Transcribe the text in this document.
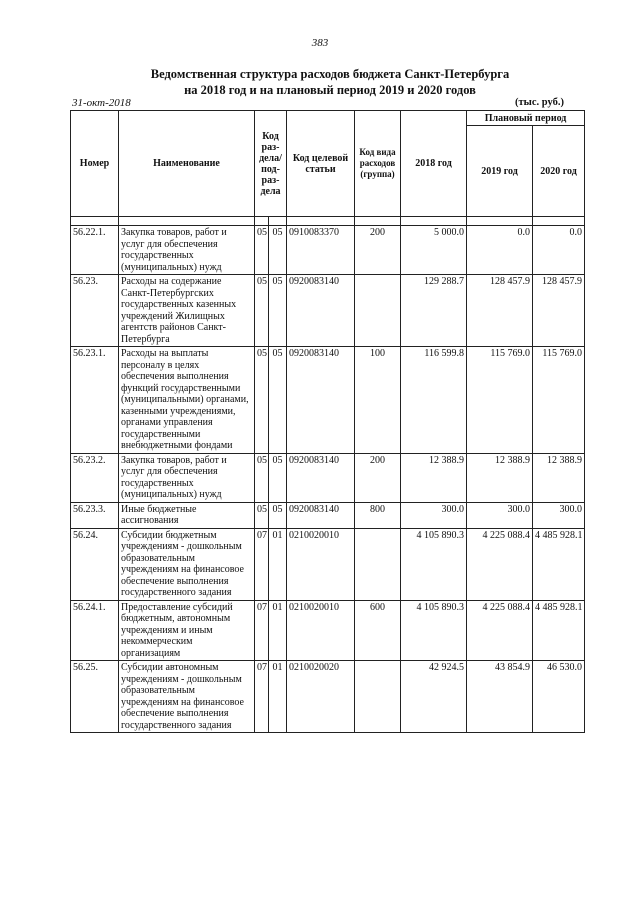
383
Ведомственная структура расходов бюджета Санкт-Петербурга
на 2018 год и на плановый период 2019 и 2020 годов
31-окт-2018	(тыс. руб.)
Номер	Наименование	Код раз-дела/ под-раз-дела		Код целевой статьи	Код вида расходов (группа)	2018 год	Плановый период	
							2019 год	2020 год

56.22.1.	Закупка товаров, работ и услуг для обеспечения государственных (муниципальных) нужд	05	05	0910083370	200	5 000.0	0.0	0.0
56.23.	Расходы на содержание Санкт-Петербургских государственных казенных учреждений Жилищных агентств районов Санкт-Петербурга	05	05	0920083140		129 288.7	128 457.9	128 457.9
56.23.1.	Расходы на выплаты персоналу в целях обеспечения выполнения функций государственными (муниципальными) органами, казенными учреждениями, органами управления государственными внебюджетными фондами	05	05	0920083140	100	116 599.8	115 769.0	115 769.0
56.23.2.	Закупка товаров, работ и услуг для обеспечения государственных (муниципальных) нужд	05	05	0920083140	200	12 388.9	12 388.9	12 388.9
56.23.3.	Иные бюджетные ассигнования	05	05	0920083140	800	300.0	300.0	300.0
56.24.	Субсидии бюджетным учреждениям - дошкольным образовательным учреждениям на финансовое обеспечение выполнения государственного задания	07	01	0210020010		4 105 890.3	4 225 088.4	4 485 928.1
56.24.1.	Предоставление субсидий бюджетным, автономным учреждениям и иным некоммерческим организациям	07	01	0210020010	600	4 105 890.3	4 225 088.4	4 485 928.1
56.25.	Субсидии автономным учреждениям - дошкольным образовательным учреждениям на финансовое обеспечение выполнения государственного задания	07	01	0210020020		42 924.5	43 854.9	46 530.0
